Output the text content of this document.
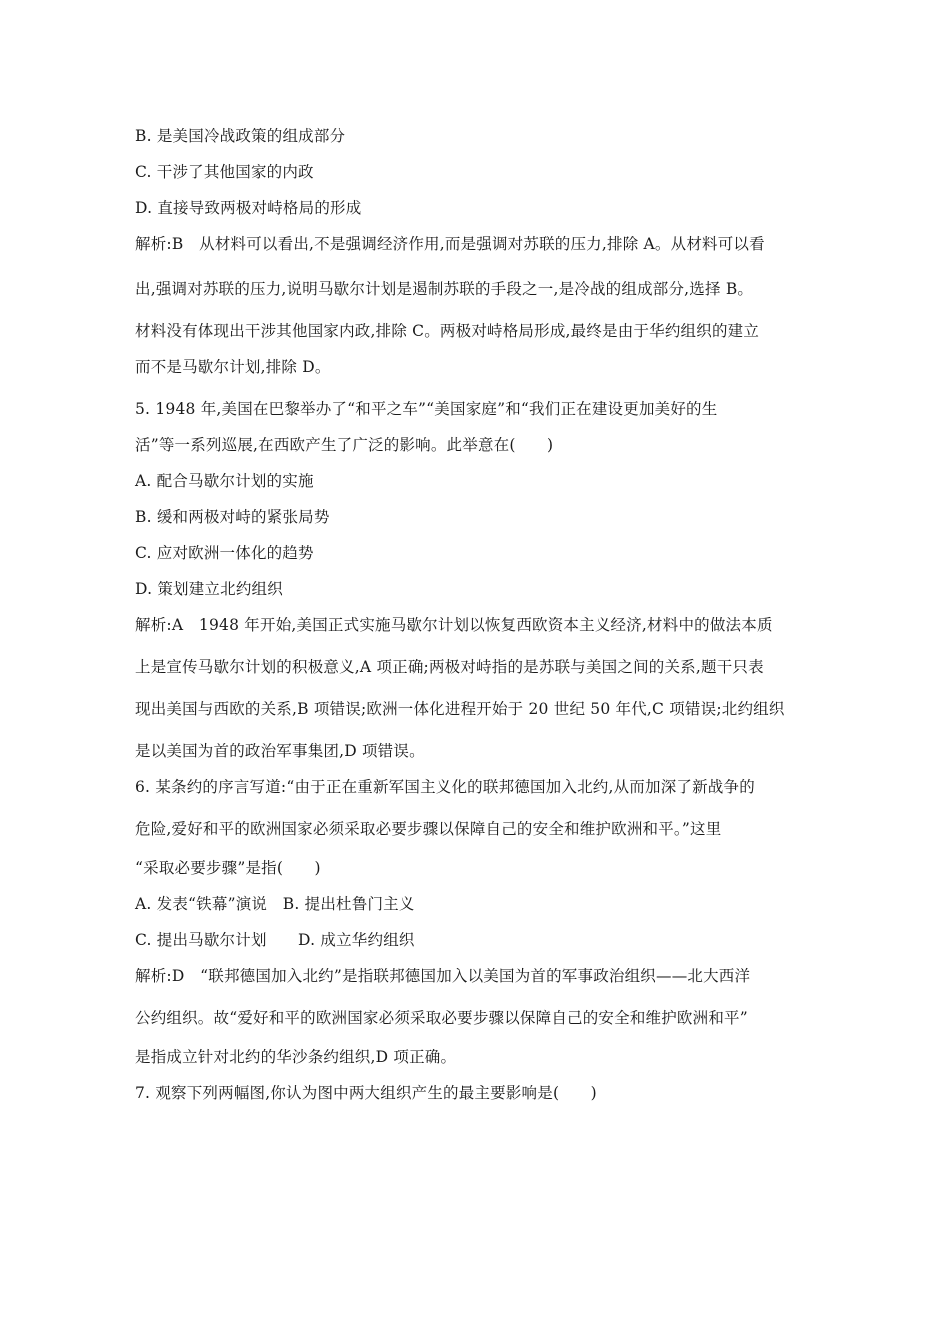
B. 是美国冷战政策的组成部分
C. 干涉了其他国家的内政
D. 直接导致两极对峙格局的形成
解析:B　从材料可以看出,不是强调经济作用,而是强调对苏联的压力,排除 A。从材料可以看
出,强调对苏联的压力,说明马歇尔计划是遏制苏联的手段之一,是冷战的组成部分,选择 B。
材料没有体现出干涉其他国家内政,排除 C。两极对峙格局形成,最终是由于华约组织的建立
而不是马歇尔计划,排除 D。
5. 1948 年,美国在巴黎举办了“和平之车”“美国家庭”和“我们正在建设更加美好的生
活”等一系列巡展,在西欧产生了广泛的影响。此举意在(　　)
A. 配合马歇尔计划的实施
B. 缓和两极对峙的紧张局势
C. 应对欧洲一体化的趋势
D. 策划建立北约组织
解析:A　1948 年开始,美国正式实施马歇尔计划以恢复西欧资本主义经济,材料中的做法本质
上是宣传马歇尔计划的积极意义,A 项正确;两极对峙指的是苏联与美国之间的关系,题干只表
现出美国与西欧的关系,B 项错误;欧洲一体化进程开始于 20 世纪 50 年代,C 项错误;北约组织
是以美国为首的政治军事集团,D 项错误。
6. 某条约的序言写道:“由于正在重新军国主义化的联邦德国加入北约,从而加深了新战争的
危险,爱好和平的欧洲国家必须采取必要步骤以保障自己的安全和维护欧洲和平。”这里
“采取必要步骤”是指(　　)
A. 发表“铁幕”演说　B. 提出杜鲁门主义
C. 提出马歇尔计划　　D. 成立华约组织
解析:D　“联邦德国加入北约”是指联邦德国加入以美国为首的军事政治组织——北大西洋
公约组织。故“爱好和平的欧洲国家必须采取必要步骤以保障自己的安全和维护欧洲和平”
是指成立针对北约的华沙条约组织,D 项正确。
7. 观察下列两幅图,你认为图中两大组织产生的最主要影响是(　　)
